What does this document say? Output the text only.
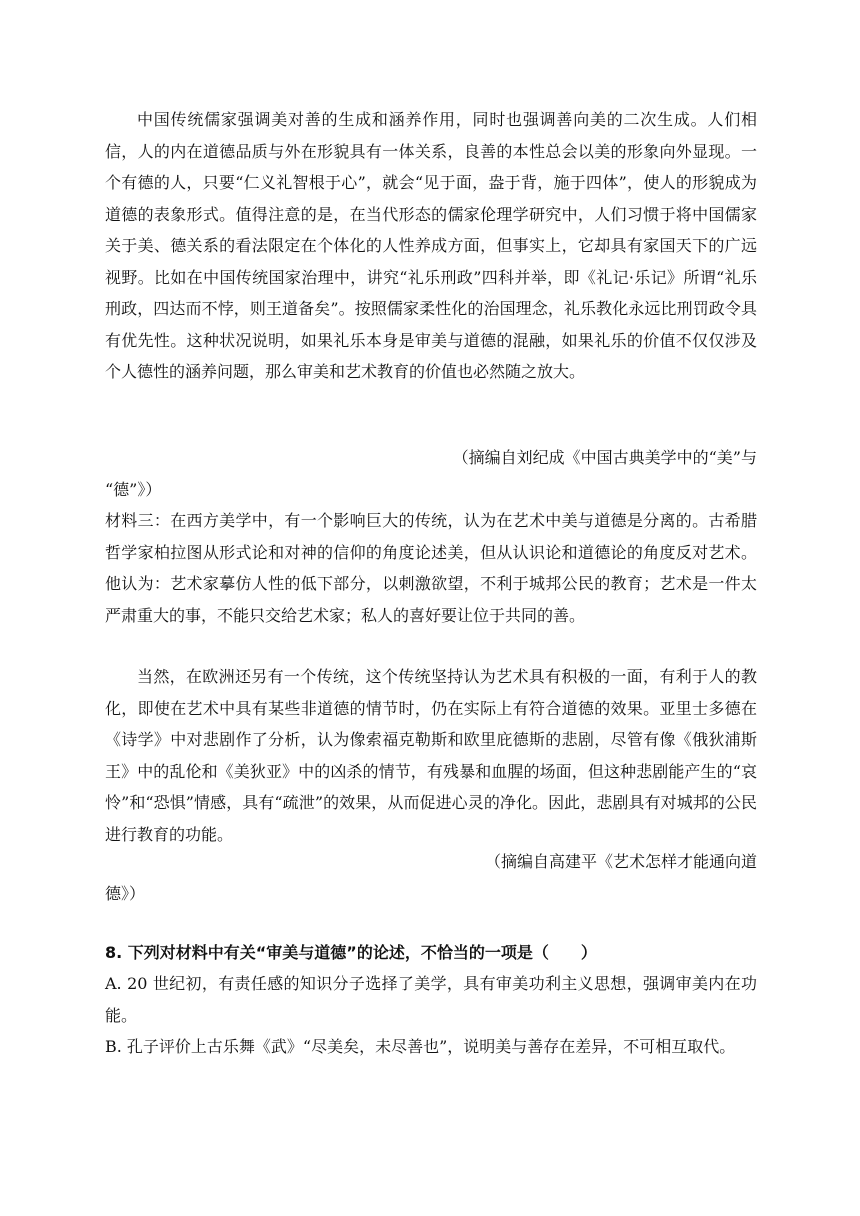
中国传统儒家强调美对善的生成和涵养作用，同时也强调善向美的二次生成。人们相信，人的内在道德品质与外在形貌具有一体关系，良善的本性总会以美的形象向外显现。一个有德的人，只要“仁义礼智根于心”，就会“见于面，盎于背，施于四体”，使人的形貌成为道德的表象形式。值得注意的是，在当代形态的儒家伦理学研究中，人们习惯于将中国儒家关于美、德关系的看法限定在个体化的人性养成方面，但事实上，它却具有家国天下的广远视野。比如在中国传统国家治理中，讲究“礼乐刑政”四科并举，即《礼记·乐记》所谓“礼乐刑政，四达而不悖，则王道备矣”。按照儒家柔性化的治国理念，礼乐教化永远比刑罚政令具有优先性。这种状况说明，如果礼乐本身是审美与道德的混融，如果礼乐的价值不仅仅涉及个人德性的涵养问题，那么审美和艺术教育的价值也必然随之放大。
（摘编自刘纪成《中国古典美学中的“美”与
“德”》）
材料三：在西方美学中，有一个影响巨大的传统，认为在艺术中美与道德是分离的。古希腊哲学家柏拉图从形式论和对神的信仰的角度论述美，但从认识论和道德论的角度反对艺术。他认为：艺术家摹仿人性的低下部分，以刺激欲望，不利于城邦公民的教育；艺术是一件太严肃重大的事，不能只交给艺术家；私人的喜好要让位于共同的善。
当然，在欧洲还另有一个传统，这个传统坚持认为艺术具有积极的一面，有利于人的教化，即使在艺术中具有某些非道德的情节时，仍在实际上有符合道德的效果。亚里士多德在《诗学》中对悲剧作了分析，认为像索福克勒斯和欧里庇德斯的悲剧，尽管有像《俄狄浦斯王》中的乱伦和《美狄亚》中的凶杀的情节，有残暴和血腥的场面，但这种悲剧能产生的“哀怜”和“恐惧”情感，具有“疏泄”的效果，从而促进心灵的净化。因此，悲剧具有对城邦的公民进行教育的功能。
（摘编自高建平《艺术怎样才能通向道
德》）
8. 下列对材料中有关“审美与道德”的论述，不恰当的一项是（　　）
A. 20 世纪初，有责任感的知识分子选择了美学，具有审美功利主义思想，强调审美内在功能。
B. 孔子评价上古乐舞《武》“尽美矣，未尽善也”，说明美与善存在差异，不可相互取代。
